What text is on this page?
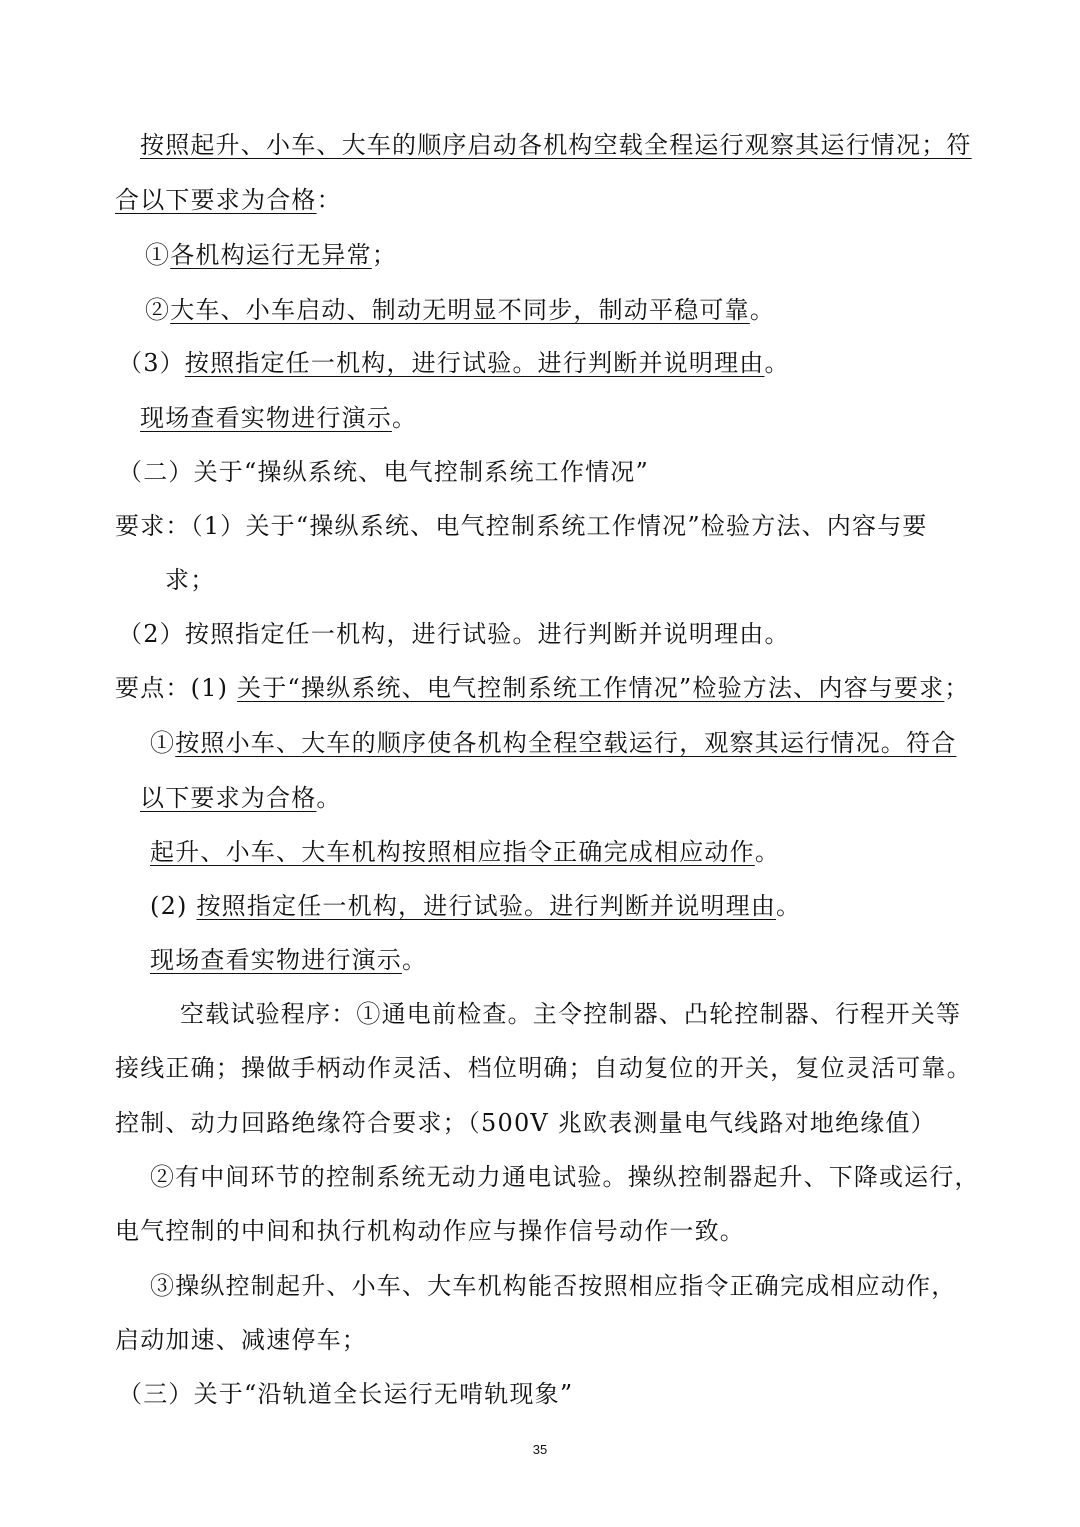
按照起升、小车、大车的顺序启动各机构空载全程运行观察其运行情况；符
合以下要求为合格：
①各机构运行无异常；
②大车、小车启动、制动无明显不同步，制动平稳可靠。
（3）按照指定任一机构，进行试验。进行判断并说明理由。
现场查看实物进行演示。
（二）关于“操纵系统、电气控制系统工作情况”
要求：（1）关于“操纵系统、电气控制系统工作情况”检验方法、内容与要
求；
（2）按照指定任一机构，进行试验。进行判断并说明理由。
要点：(1) 关于“操纵系统、电气控制系统工作情况”检验方法、内容与要求；
①按照小车、大车的顺序使各机构全程空载运行，观察其运行情况。符合
以下要求为合格。
起升、小车、大车机构按照相应指令正确完成相应动作。
(2) 按照指定任一机构，进行试验。进行判断并说明理由。
现场查看实物进行演示。
空载试验程序：①通电前检查。主令控制器、凸轮控制器、行程开关等
接线正确；操做手柄动作灵活、档位明确；自动复位的开关，复位灵活可靠。
控制、动力回路绝缘符合要求；（500V 兆欧表测量电气线路对地绝缘值）
②有中间环节的控制系统无动力通电试验。操纵控制器起升、下降或运行，
电气控制的中间和执行机构动作应与操作信号动作一致。
③操纵控制起升、小车、大车机构能否按照相应指令正确完成相应动作，
启动加速、减速停车；
（三）关于“沿轨道全长运行无啃轨现象”
35
